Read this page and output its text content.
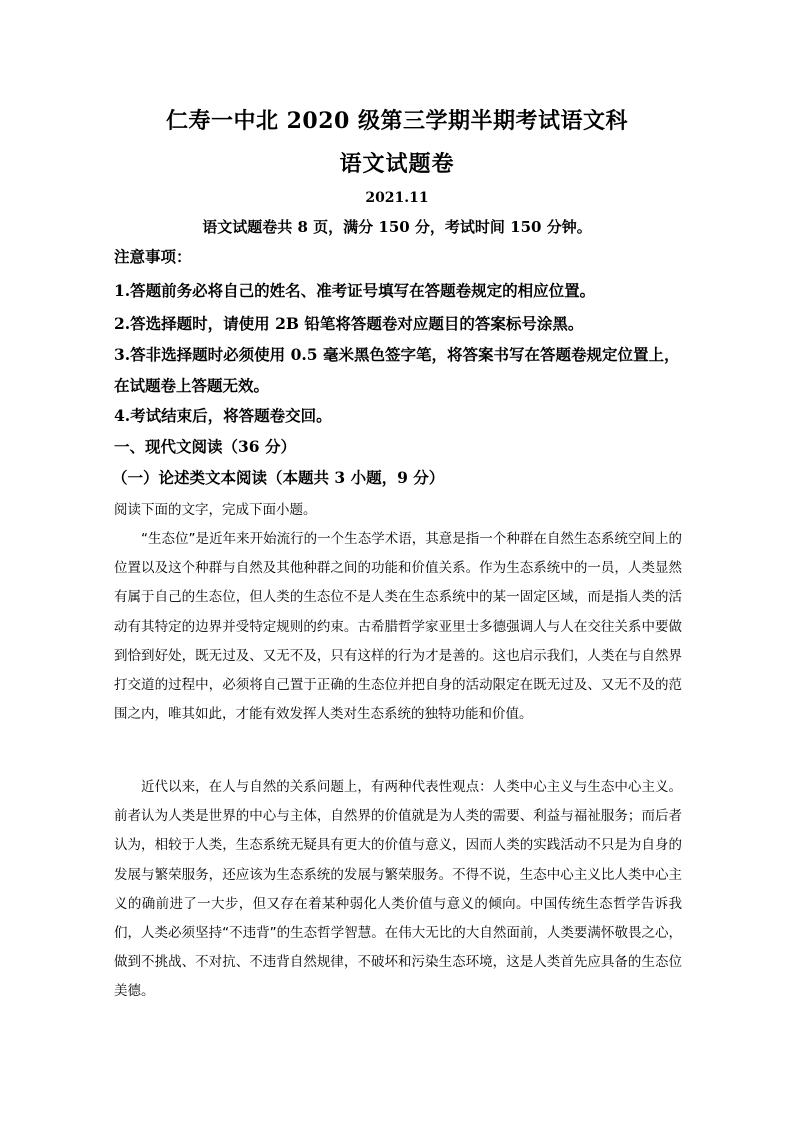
仁寿一中北 2020 级第三学期半期考试语文科
语文试题卷
2021.11
语文试题卷共 8 页，满分 150 分，考试时间 150 分钟。
注意事项：
1.答题前务必将自己的姓名、准考证号填写在答题卷规定的相应位置。
2.答选择题时，请使用 2B 铅笔将答题卷对应题目的答案标号涂黑。
3.答非选择题时必须使用 0.5 毫米黑色签字笔，将答案书写在答题卷规定位置上，
在试题卷上答题无效。
4.考试结束后，将答题卷交回。
一、现代文阅读（36 分）
（一）论述类文本阅读（本题共 3 小题，9 分）
阅读下面的文字，完成下面小题。

“生态位”是近年来开始流行的一个生态学术语，其意是指一个种群在自然生态系统空间上的位置以及这个种群与自然及其他种群之间的功能和价值关系。作为生态系统中的一员，人类显然有属于自己的生态位，但人类的生态位不是人类在生态系统中的某一固定区域，而是指人类的活动有其特定的边界并受特定规则的约束。古希腊哲学家亚里士多德强调人与人在交往关系中要做到恰到好处，既无过及、又无不及，只有这样的行为才是善的。这也启示我们，人类在与自然界打交道的过程中，必须将自己置于正确的生态位并把自身的活动限定在既无过及、又无不及的范围之内，唯其如此，才能有效发挥人类对生态系统的独特功能和价值。

近代以来，在人与自然的关系问题上，有两种代表性观点：人类中心主义与生态中心主义。前者认为人类是世界的中心与主体，自然界的价值就是为人类的需要、利益与福祉服务；而后者认为，相较于人类，生态系统无疑具有更大的价值与意义，因而人类的实践活动不只是为自身的发展与繁荣服务，还应该为生态系统的发展与繁荣服务。不得不说，生态中心主义比人类中心主义的确前进了一大步，但又存在着某种弱化人类价值与意义的倾向。中国传统生态哲学告诉我们，人类必须坚持“不违背”的生态哲学智慧。在伟大无比的大自然面前，人类要满怀敬畏之心，做到不挑战、不对抗、不违背自然规律，不破坏和污染生态环境，这是人类首先应具备的生态位美德。
